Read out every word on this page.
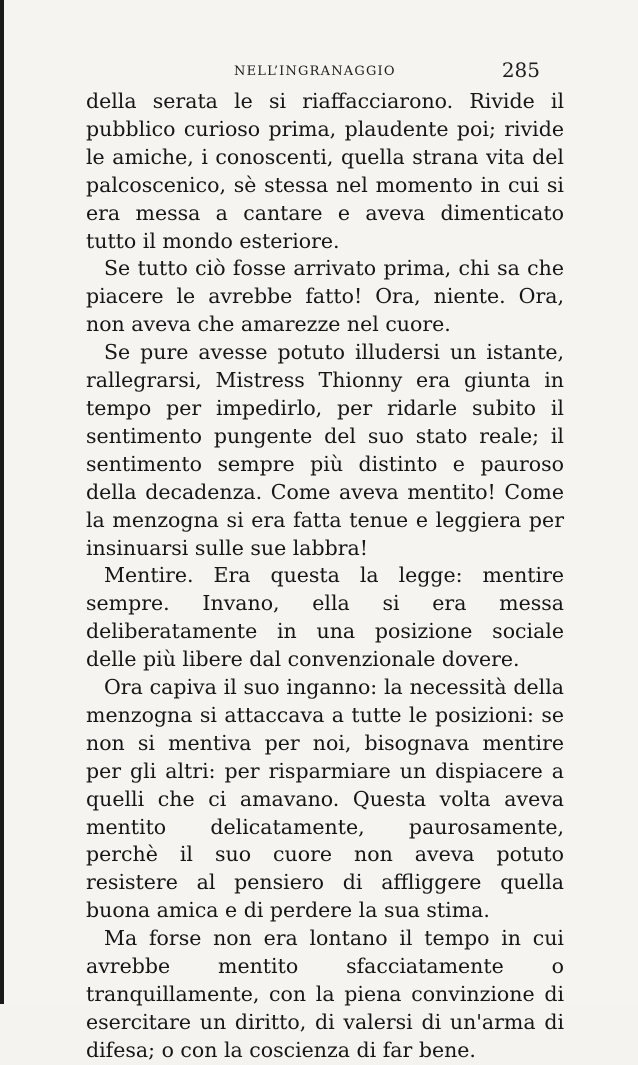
NELL’INGRANAGGIO	285

della serata le si riaffacciarono. Rivide il pubblico curioso prima, plaudente poi; rivide le amiche, i conoscenti, quella strana vita del palcoscenico, sè stessa nel momento in cui si era messa a cantare e aveva dimenticato tutto il mondo esteriore.

Se tutto ciò fosse arrivato prima, chi sa che piacere le avrebbe fatto! Ora, niente. Ora, non aveva che amarezze nel cuore.

Se pure avesse potuto illudersi un istante, rallegrarsi, Mistress Thionny era giunta in tempo per impedirlo, per ridarle subito il sentimento pungente del suo stato reale; il sentimento sempre più distinto e pauroso della decadenza. Come aveva mentito! Come la menzogna si era fatta tenue e leggiera per insinuarsi sulle sue labbra!

Mentire. Era questa la legge: mentire sempre. Invano, ella si era messa deliberatamente in una posizione sociale delle più libere dal convenzionale dovere.

Ora capiva il suo inganno: la necessità della menzogna si attaccava a tutte le posizioni: se non si mentiva per noi, bisognava mentire per gli altri: per risparmiare un dispiacere a quelli che ci amavano. Questa volta aveva mentito delicatamente, paurosamente, perchè il suo cuore non aveva potuto resistere al pensiero di affliggere quella buona amica e di perdere la sua stima.

Ma forse non era lontano il tempo in cui avrebbe mentito sfacciatamente o tranquillamente, con la piena convinzione di esercitare un diritto, di valersi di un'arma di difesa; o con la coscienza di far bene.
